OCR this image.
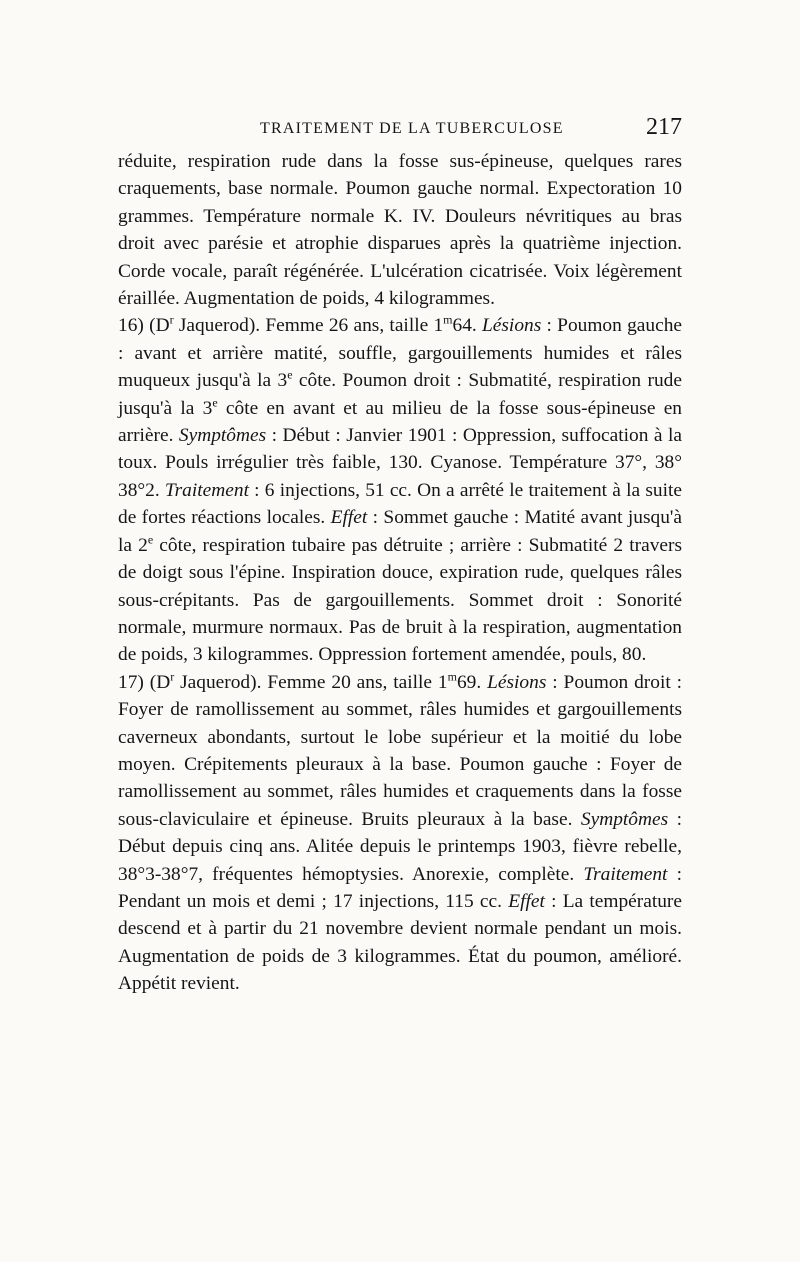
TRAITEMENT DE LA TUBERCULOSE	217

réduite, respiration rude dans la fosse sus-épineuse, quelques rares craquements, base normale. Poumon gauche normal. Expectoration 10 grammes. Température normale K. IV. Douleurs névritiques au bras droit avec parésie et atrophie disparues après la quatrième injection. Corde vocale, paraît régénérée. L'ulcération cicatrisée. Voix légèrement éraillée. Augmentation de poids, 4 kilogrammes.

16) ($D^r$ Jaquerod). Femme 26 ans, taille 1$^m$64. Lésions : Poumon gauche : avant et arrière matité, souffle, gargouillements humides et râles muqueux jusqu'à la 3e côte. Poumon droit : Submatité, respiration rude jusqu'à la 3e côte en avant et au milieu de la fosse sous-épineuse en arrière. Symptômes : Début : Janvier 1901 : Oppression, suffocation à la toux. Pouls irrégulier très faible, 130. Cyanose. Température 37°, 38° 38°2. Traitement : 6 injections, 51 cc. On a arrêté le traitement à la suite de fortes réactions locales. Effet : Sommet gauche : Matité avant jusqu'à la 2e côte, respiration tubaire pas détruite ; arrière : Submatité 2 travers de doigt sous l'épine. Inspiration douce, expiration rude, quelques râles sous-crépitants. Pas de gargouillements. Sommet droit : Sonorité normale, murmure normaux. Pas de bruit à la respiration, augmentation de poids, 3 kilogrammes. Oppression fortement amendée, pouls, 80.

17) ($D^r$ Jaquerod). Femme 20 ans, taille 1$^m$69. Lésions : Poumon droit : Foyer de ramollissement au sommet, râles humides et gargouillements caverneux abondants, surtout le lobe supérieur et la moitié du lobe moyen. Crépitements pleuraux à la base. Poumon gauche : Foyer de ramollissement au sommet, râles humides et craquements dans la fosse sous-claviculaire et épineuse. Bruits pleuraux à la base. Symptômes : Début depuis cinq ans. Alitée depuis le printemps 1903, fièvre rebelle, 38°3-38°7, fréquentes hémoptysies. Anorexie, complète. Traitement : Pendant un mois et demi ; 17 injections, 115 cc. Effet : La température descend et à partir du 21 novembre devient normale pendant un mois. Augmentation de poids de 3 kilogrammes. État du poumon, amélioré. Appétit revient.
